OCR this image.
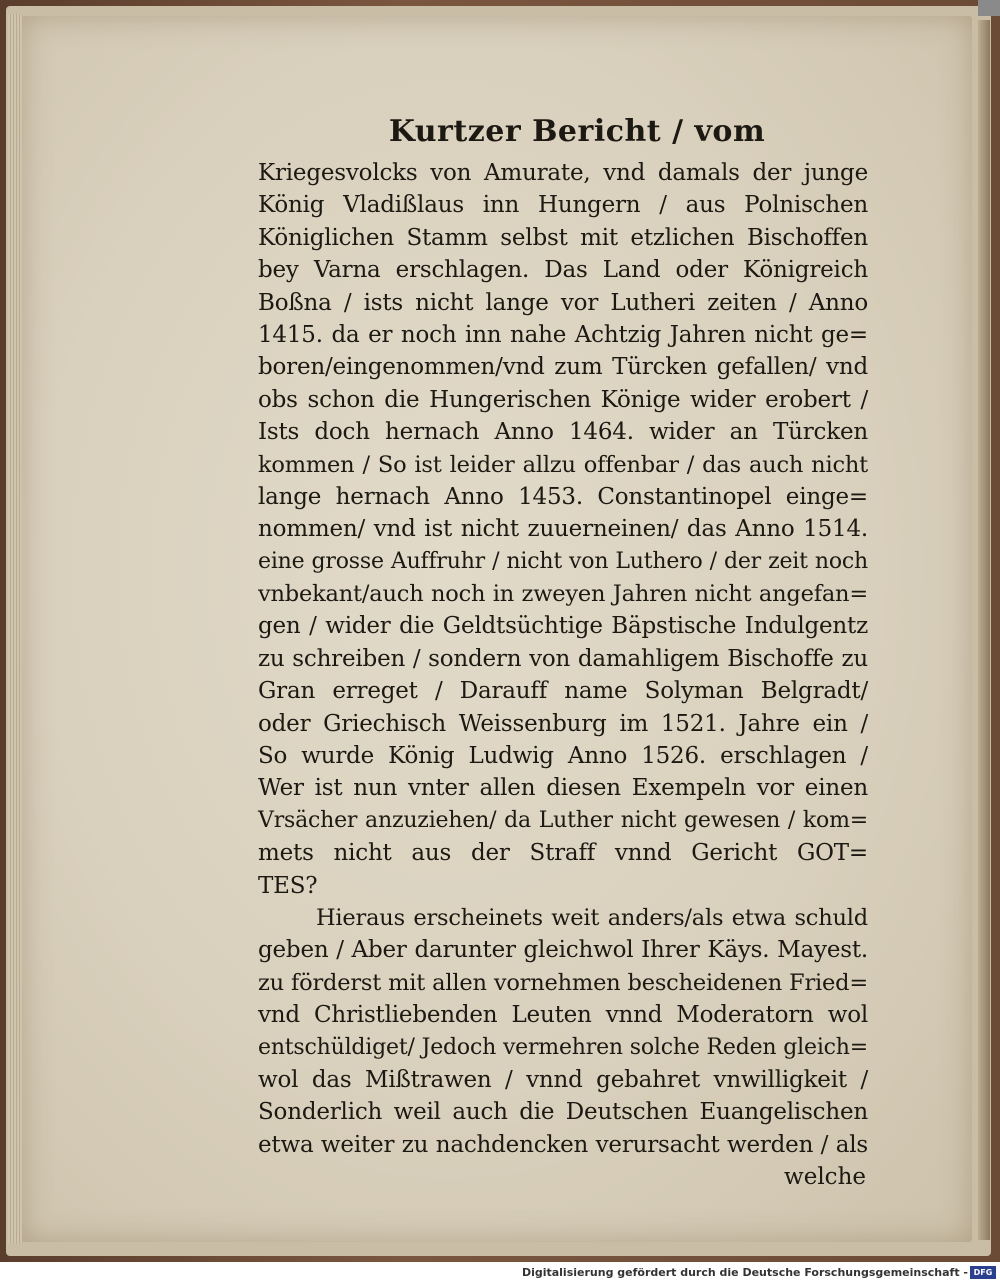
Kurtzer Bericht / vom
Kriegesvolcks von Amurate, vnd damals der junge
König Vladißlaus inn Hungern / aus Polnischen
Königlichen Stamm selbst mit etzlichen Bischoffen
bey Varna erschlagen. Das Land oder Königreich
Boßna / ists nicht lange vor Lutheri zeiten / Anno
1415. da er noch inn nahe Achtzig Jahren nicht ge=
boren/eingenommen/vnd zum Türcken gefallen/ vnd
obs schon die Hungerischen Könige wider erobert /
Ists doch hernach Anno 1464. wider an Türcken
kommen / So ist leider allzu offenbar / das auch nicht
lange hernach Anno 1453. Constantinopel einge=
nommen/ vnd ist nicht zuuerneinen/ das Anno 1514.
eine grosse Auffruhr / nicht von Luthero / der zeit noch
vnbekant/auch noch in zweyen Jahren nicht angefan=
gen / wider die Geldtsüchtige Bäpstische Indulgentz
zu schreiben / sondern von damahligem Bischoffe zu
Gran erreget / Darauff name Solyman Belgradt/
oder Griechisch Weissenburg im 1521. Jahre ein /
So wurde König Ludwig Anno 1526. erschlagen /
Wer ist nun vnter allen diesen Exempeln vor einen
Vrsächer anzuziehen/ da Luther nicht gewesen / kom=
mets nicht aus der Straff vnnd Gericht GOT=
TES?
Hieraus erscheinets weit anders/als etwa schuld
geben / Aber darunter gleichwol Ihrer Käys. Mayest.
zu förderst mit allen vornehmen bescheidenen Fried=
vnd Christliebenden Leuten vnnd Moderatorn wol
entschüldiget/ Jedoch vermehren solche Reden gleich=
wol das Mißtrawen / vnnd gebahret vnwilligkeit /
Sonderlich weil auch die Deutschen Euangelischen
etwa weiter zu nachdencken verursacht werden / als
welche
Digitalisierung gefördert durch die Deutsche Forschungsgemeinschaft - DFG
